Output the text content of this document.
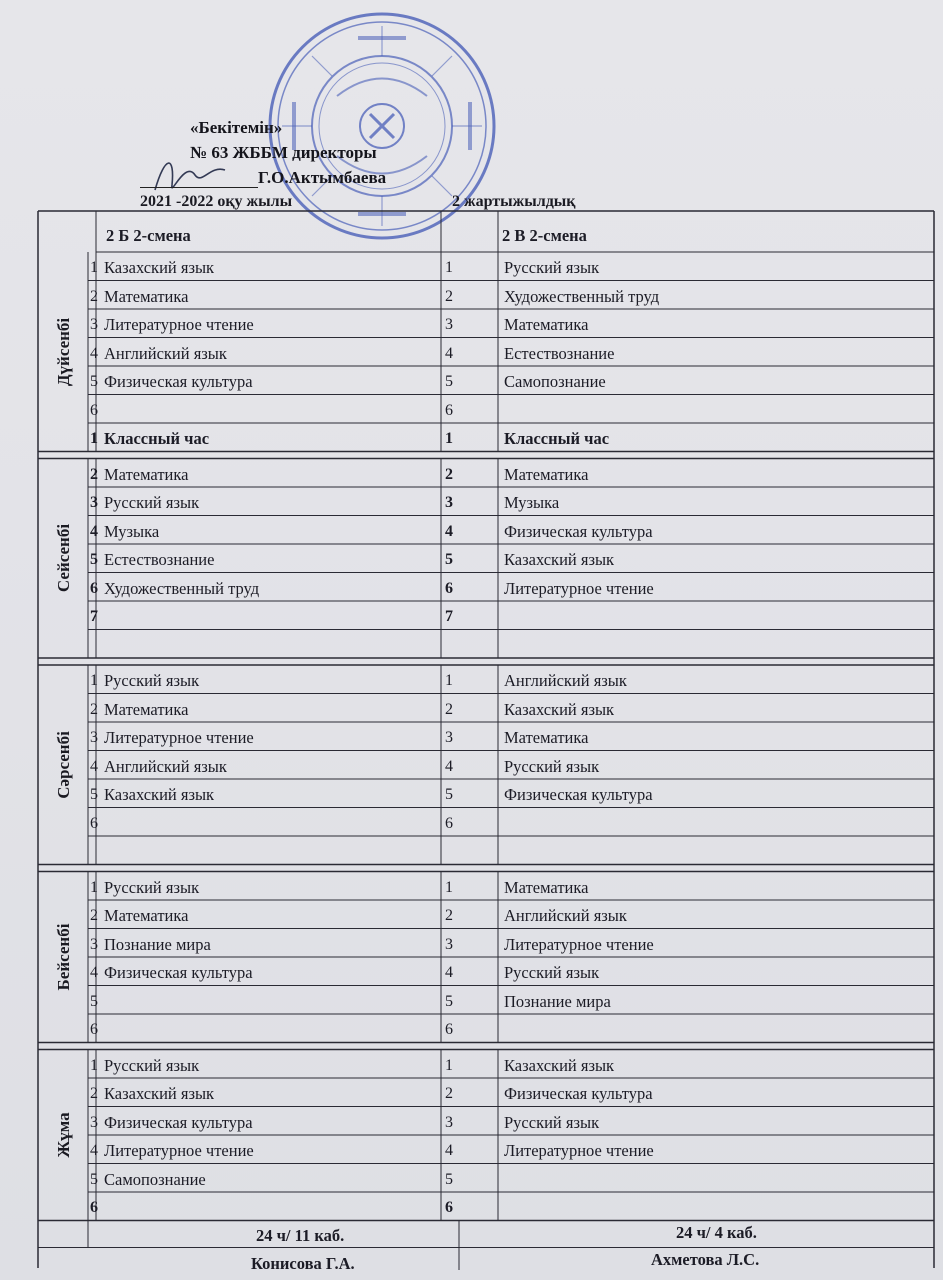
«Бекітемін»
№ 63 ЖББМ директоры
Г.О.Актымбаева
2021 -2022 оқу жылы	2 жартыжылдық
2 Б 2-смена	2 В 2-смена
1 Казахский язык	1	Русский язык
2 Математика	2	Художественный труд
3 Литературное чтение	3	Математика
4 Английский язык	4	Естествознание
5 Физическая культура	5	Самопознание
6	6
1 Классный час	1	Классный час
Дүйсенбі
2 Математика	2	Математика
3 Русский язык	3	Музыка
4 Музыка	4	Физическая культура
5 Естествознание	5	Казахский язык
6 Художественный труд	6	Литературное чтение
7	7
Сейсенбі
1 Русский язык	1	Английский язык
2 Математика	2	Казахский язык
3 Литературное чтение	3	Математика
4 Английский язык	4	Русский язык
5 Казахский язык	5	Физическая культура
6	6
Сәрсенбі
1 Русский язык	1	Математика
2 Математика	2	Английский язык
3 Познание мира	3	Литературное чтение
4 Физическая культура	4	Русский язык
5	5	Познание мира
6	6
Бейсенбі
1 Русский язык	1	Казахский язык
2 Казахский язык	2	Физическая культура
3 Физическая культура	3	Русский язык
4 Литературное чтение	4	Литературное чтение
5 Самопознание	5
6	6
Жұма
24 ч/ 11 каб.	24 ч/ 4 каб.
Конисова Г.А.	Ахметова Л.С.
